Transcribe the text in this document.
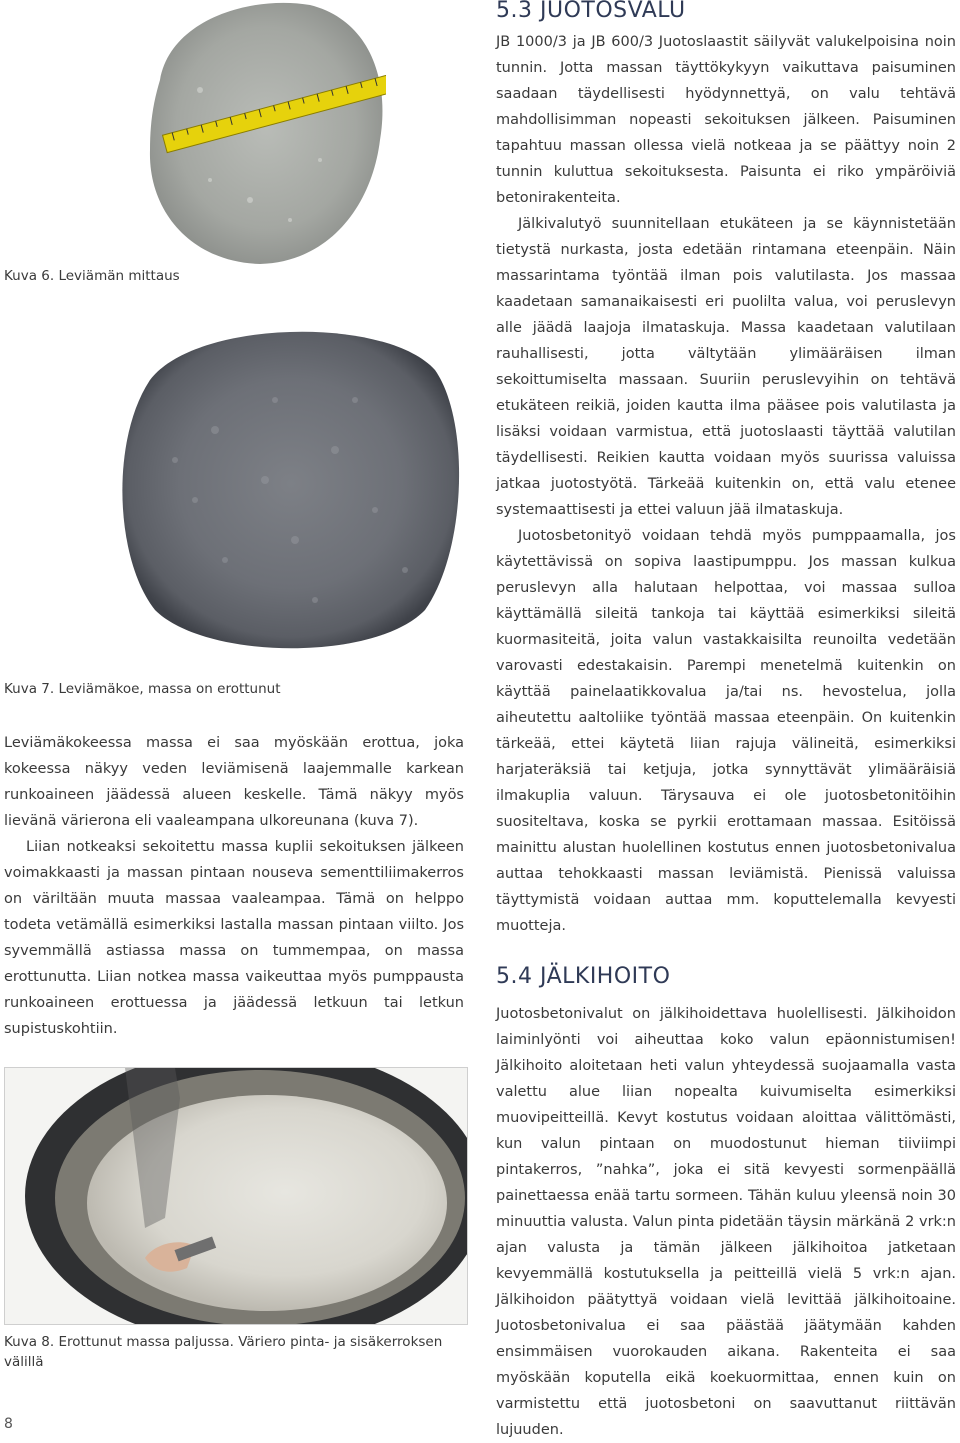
Kuva 6. Leviämän mittaus
Kuva 7. Leviämäkoe, massa on erottunut

Leviämäkokeessa massa ei saa myöskään erottua, joka kokeessa näkyy veden leviämisenä laajemmalle karkean runkoaineen jäädessä alueen keskelle. Tämä näkyy myös lievänä värierona eli vaaleampana ulkoreunana (kuva 7).

Liian notkeaksi sekoitettu massa kuplii sekoituksen jälkeen voimakkaasti ja massan pintaan nouseva sementtiliimakerros on väriltään muuta massaa vaaleampaa. Tämä on helppo todeta vetämällä esimerkiksi lastalla massan pintaan viilto. Jos syvemmällä astiassa massa on tummempaa, on massa erottunutta. Liian notkea massa vaikeuttaa myös pumppausta runkoaineen erottuessa ja jäädessä letkuun tai letkun supistuskohtiin.

Kuva 8. Erottunut massa paljussa. Väriero pinta- ja sisäkerroksen välillä
8
5.3 JUOTOSVALU

JB 1000/3 ja JB 600/3 Juotoslaastit säilyvät valukelpoisina noin tunnin. Jotta massan täyttökykyyn vaikuttava paisuminen saadaan täydellisesti hyödynnettyä, on valu tehtävä mahdollisimman nopeasti sekoituksen jälkeen. Paisuminen tapahtuu massan ollessa vielä notkeaa ja se päättyy noin 2 tunnin kuluttua sekoituksesta. Paisunta ei riko ympäröiviä betonirakenteita.

Jälkivalutyö suunnitellaan etukäteen ja se käynnistetään tietystä nurkasta, josta edetään rintamana eteenpäin. Näin massarintama työntää ilman pois valutilasta. Jos massaa kaadetaan samanaikaisesti eri puolilta valua, voi peruslevyn alle jäädä laajoja ilmataskuja. Massa kaadetaan valutilaan rauhallisesti, jotta vältytään ylimääräisen ilman sekoittumiselta massaan. Suuriin peruslevyihin on tehtävä etukäteen reikiä, joiden kautta ilma pääsee pois valutilasta ja lisäksi voidaan varmistua, että juotoslaasti täyttää valutilan täydellisesti. Reikien kautta voidaan myös suurissa valuissa jatkaa juotostyötä. Tärkeää kuitenkin on, että valu etenee systemaattisesti ja ettei valuun jää ilmataskuja.

Juotosbetonityö voidaan tehdä myös pumppaamalla, jos käytettävissä on sopiva laastipumppu. Jos massan kulkua peruslevyn alla halutaan helpottaa, voi massaa sulloa käyttämällä sileitä tankoja tai käyttää esimerkiksi sileitä kuormasiteitä, joita valun vastakkaisilta reunoilta vedetään varovasti edestakaisin. Parempi menetelmä kuitenkin on käyttää painelaatikkovalua ja/tai ns. hevostelua, jolla aiheutettu aaltoliike työntää massaa eteenpäin. On kuitenkin tärkeää, ettei käytetä liian rajuja välineitä, esimerkiksi harjateräksiä tai ketjuja, jotka synnyttävät ylimääräisiä ilmakuplia valuun. Tärysauva ei ole juotosbetonitöihin suositeltava, koska se pyrkii erottamaan massaa. Esitöissä mainittu alustan huolellinen kostutus ennen juotosbetonivalua auttaa tehokkaasti massan leviämistä. Pienissä valuissa täyttymistä voidaan auttaa mm. koputtelemalla kevyesti muotteja.

5.4 JÄLKIHOITO

Juotosbetonivalut on jälkihoidettava huolellisesti. Jälkihoidon laiminlyönti voi aiheuttaa koko valun epäonnistumisen! Jälkihoito aloitetaan heti valun yhteydessä suojaamalla vasta valettu alue liian nopealta kuivumiselta esimerkiksi muovipeitteillä. Kevyt kostutus voidaan aloittaa välittömästi, kun valun pintaan on muodostunut hieman tiiviimpi pintakerros, ”nahka”, joka ei sitä kevyesti sormenpäällä painettaessa enää tartu sormeen. Tähän kuluu yleensä noin 30 minuuttia valusta. Valun pinta pidetään täysin märkänä 2 vrk:n ajan valusta ja tämän jälkeen jälkihoitoa jatketaan kevyemmällä kostutuksella ja peitteillä vielä 5 vrk:n ajan. Jälkihoidon päätyttyä voidaan vielä levittää jälkihoitoaine. Juotosbetonivalua ei saa päästää jäätymään kahden ensimmäisen vuorokauden aikana. Rakenteita ei saa myöskään koputella eikä koekuormittaa, ennen kuin on varmistettu että juotosbetoni on saavuttanut riittävän lujuuden.
